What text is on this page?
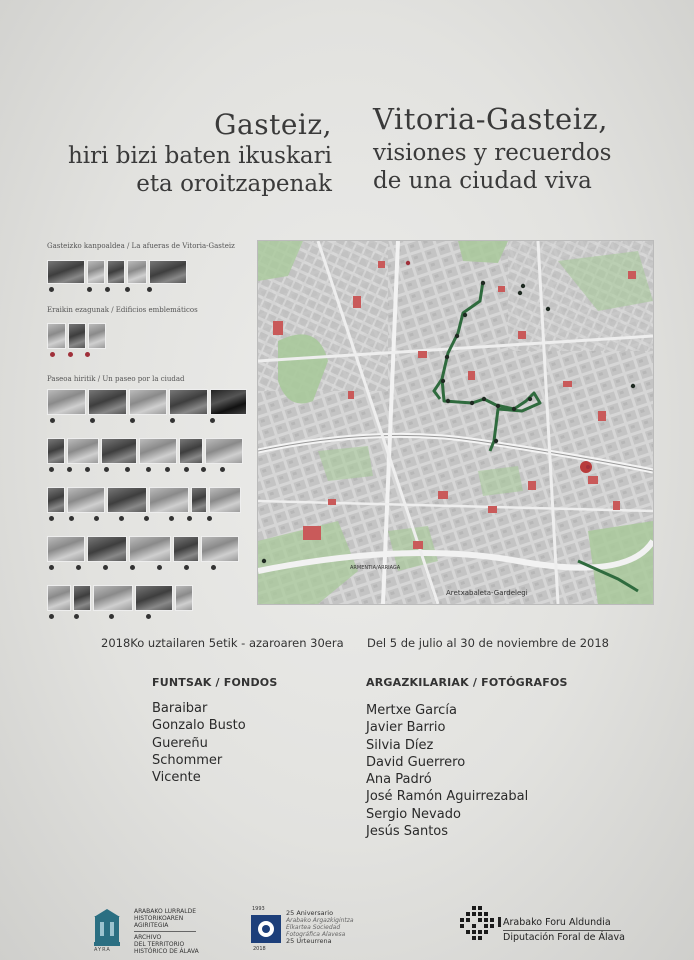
Gasteiz,
hiri bizi baten ikuskari
eta oroitzapenak
Vitoria-Gasteiz,
visiones y recuerdos
de una ciudad viva
Gasteizko kanpoaldea / La afueras de Vitoria-Gasteiz
Eraikin ezagunak / Edificios emblemáticos
Paseoa hiritik / Un paseo por la ciudad
ARMENTIA/ARRIAGA
Aretxabaleta-Gardelegi
2018Ko uztailaren 5etik - azaroaren 30era Del 5 de julio al 30 de noviembre de 2018
FUNTSAK / FONDOS
Baraibar
Gonzalo Busto
Guereñu
Schommer
Vicente
ARGAZKILARIAK / FOTÓGRAFOS
Mertxe García
Javier Barrio
Silvia Díez
David Guerrero
Ana Padró
José Ramón Aguirrezabal
Sergio Nevado
Jesús Santos
AYRA
ARABAKO LURRALDE
HISTORIKOAREN
AGIRITEGIA
ARCHIVO
DEL TERRITORIO
HISTÓRICO DE ÁLAVA
1993
2018
25 Aniversario
Arabako Argazkigintza
Elkartea Sociedad
Fotográfica Alavesa
25 Urteurrena
Arabako Foru Aldundia
Diputación Foral de Álava
